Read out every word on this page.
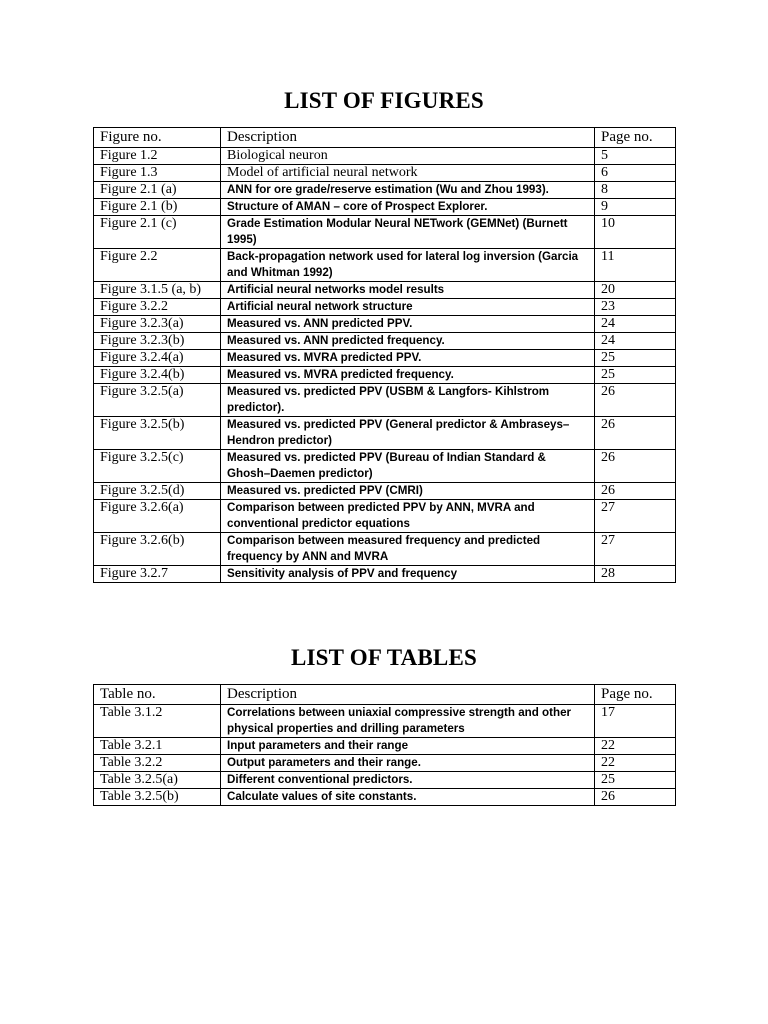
LIST OF FIGURES
Figure no.	Description	Page no.
Figure 1.2	Biological neuron	5
Figure 1.3	Model of artificial neural network	6
Figure 2.1 (a)	ANN for ore grade/reserve estimation (Wu and Zhou 1993).	8
Figure 2.1 (b)	Structure of AMAN – core of Prospect Explorer.	9
Figure 2.1 (c)	Grade Estimation Modular Neural NETwork (GEMNet) (Burnett 1995)	10
Figure 2.2	Back-propagation network used for lateral log inversion (Garcia and Whitman 1992)	11
Figure 3.1.5 (a, b)	Artificial neural networks model results	20
Figure 3.2.2	Artificial neural network structure	23
Figure 3.2.3(a)	Measured vs. ANN predicted PPV.	24
Figure 3.2.3(b)	Measured vs. ANN predicted frequency.	24
Figure 3.2.4(a)	Measured vs. MVRA predicted PPV.	25
Figure 3.2.4(b)	Measured vs. MVRA predicted frequency.	25
Figure 3.2.5(a)	Measured vs. predicted PPV (USBM & Langfors- Kihlstrom predictor).	26
Figure 3.2.5(b)	Measured vs. predicted PPV (General predictor & Ambraseys–Hendron predictor)	26
Figure 3.2.5(c)	Measured vs. predicted PPV (Bureau of Indian Standard & Ghosh–Daemen predictor)	26
Figure 3.2.5(d)	Measured vs. predicted PPV (CMRI)	26
Figure 3.2.6(a)	Comparison between predicted PPV by ANN, MVRA and conventional predictor equations	27
Figure 3.2.6(b)	Comparison between measured frequency and predicted frequency by ANN and MVRA	27
Figure 3.2.7	Sensitivity analysis of PPV and frequency	28
LIST OF TABLES
Table no.	Description	Page no.
Table 3.1.2	Correlations between uniaxial compressive strength and other physical properties and drilling parameters	17
Table 3.2.1	Input parameters and their range	22
Table 3.2.2	Output parameters and their range.	22
Table 3.2.5(a)	Different conventional predictors.	25
Table 3.2.5(b)	Calculate values of site constants.	26
